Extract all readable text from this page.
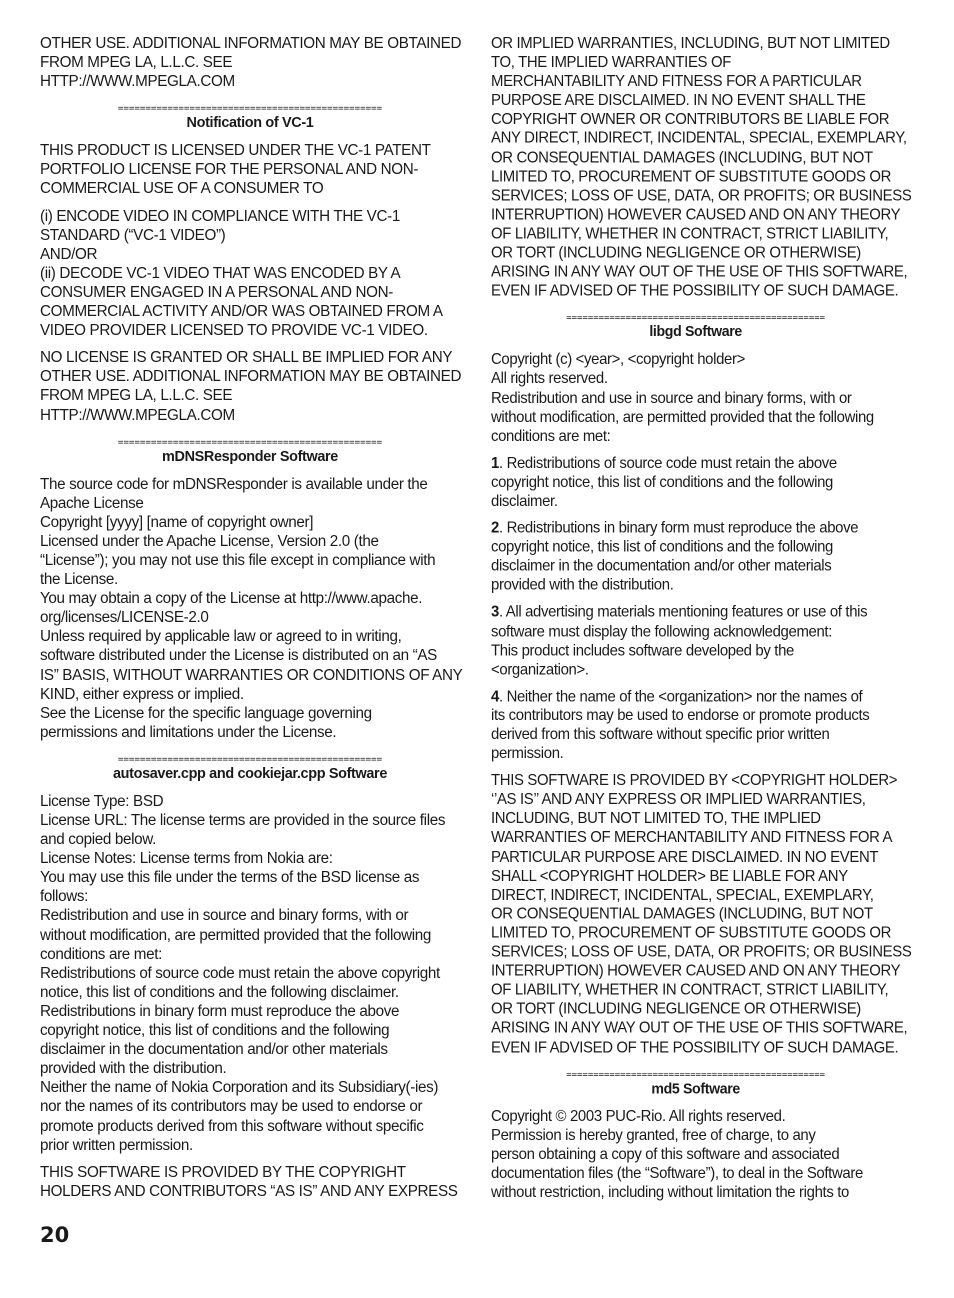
OTHER USE. ADDITIONAL INFORMATION MAY BE OBTAINED
FROM MPEG LA, L.L.C. SEE
HTTP://WWW.MPEGLA.COM
================================================
Notification of VC-1
THIS PRODUCT IS LICENSED UNDER THE VC-1 PATENT
PORTFOLIO LICENSE FOR THE PERSONAL AND NON-
COMMERCIAL USE OF A CONSUMER TO
(i) ENCODE VIDEO IN COMPLIANCE WITH THE VC-1
STANDARD (“VC-1 VIDEO”)
AND/OR
(ii) DECODE VC-1 VIDEO THAT WAS ENCODED BY A
CONSUMER ENGAGED IN A PERSONAL AND NON-
COMMERCIAL ACTIVITY AND/OR WAS OBTAINED FROM A
VIDEO PROVIDER LICENSED TO PROVIDE VC-1 VIDEO.
NO LICENSE IS GRANTED OR SHALL BE IMPLIED FOR ANY
OTHER USE. ADDITIONAL INFORMATION MAY BE OBTAINED
FROM MPEG LA, L.L.C. SEE
HTTP://WWW.MPEGLA.COM
================================================
mDNSResponder Software
The source code for mDNSResponder is available under the
Apache License
Copyright [yyyy] [name of copyright owner]
Licensed under the Apache License, Version 2.0 (the
“License”); you may not use this file except in compliance with
the License.
You may obtain a copy of the License at http://www.apache.
org/licenses/LICENSE-2.0
Unless required by applicable law or agreed to in writing,
software distributed under the License is distributed on an “AS
IS” BASIS, WITHOUT WARRANTIES OR CONDITIONS OF ANY
KIND, either express or implied.
See the License for the specific language governing
permissions and limitations under the License.
================================================
autosaver.cpp and cookiejar.cpp Software
License Type: BSD
License URL: The license terms are provided in the source files
and copied below.
License Notes: License terms from Nokia are:
You may use this file under the terms of the BSD license as
follows:
Redistribution and use in source and binary forms, with or
without modification, are permitted provided that the following
conditions are met:
Redistributions of source code must retain the above copyright
notice, this list of conditions and the following disclaimer.
Redistributions in binary form must reproduce the above
copyright notice, this list of conditions and the following
disclaimer in the documentation and/or other materials
provided with the distribution.
Neither the name of Nokia Corporation and its Subsidiary(-ies)
nor the names of its contributors may be used to endorse or
promote products derived from this software without specific
prior written permission.
THIS SOFTWARE IS PROVIDED BY THE COPYRIGHT
HOLDERS AND CONTRIBUTORS “AS IS” AND ANY EXPRESS
OR IMPLIED WARRANTIES, INCLUDING, BUT NOT LIMITED
TO, THE IMPLIED WARRANTIES OF
MERCHANTABILITY AND FITNESS FOR A PARTICULAR
PURPOSE ARE DISCLAIMED. IN NO EVENT SHALL THE
COPYRIGHT OWNER OR CONTRIBUTORS BE LIABLE FOR
ANY DIRECT, INDIRECT, INCIDENTAL, SPECIAL, EXEMPLARY,
OR CONSEQUENTIAL DAMAGES (INCLUDING, BUT NOT
LIMITED TO, PROCUREMENT OF SUBSTITUTE GOODS OR
SERVICES; LOSS OF USE, DATA, OR PROFITS; OR BUSINESS
INTERRUPTION) HOWEVER CAUSED AND ON ANY THEORY
OF LIABILITY, WHETHER IN CONTRACT, STRICT LIABILITY,
OR TORT (INCLUDING NEGLIGENCE OR OTHERWISE)
ARISING IN ANY WAY OUT OF THE USE OF THIS SOFTWARE,
EVEN IF ADVISED OF THE POSSIBILITY OF SUCH DAMAGE.
================================================
libgd Software
Copyright (c) <year>, <copyright holder>
All rights reserved.
Redistribution and use in source and binary forms, with or
without modification, are permitted provided that the following
conditions are met:
1. Redistributions of source code must retain the above
copyright notice, this list of conditions and the following
disclaimer.
2. Redistributions in binary form must reproduce the above
copyright notice, this list of conditions and the following
disclaimer in the documentation and/or other materials
provided with the distribution.
3. All advertising materials mentioning features or use of this
software must display the following acknowledgement:
This product includes software developed by the
<organization>.
4. Neither the name of the <organization> nor the names of
its contributors may be used to endorse or promote products
derived from this software without specific prior written
permission.
THIS SOFTWARE IS PROVIDED BY <COPYRIGHT HOLDER>
‘’AS IS’’ AND ANY EXPRESS OR IMPLIED WARRANTIES,
INCLUDING, BUT NOT LIMITED TO, THE IMPLIED
WARRANTIES OF MERCHANTABILITY AND FITNESS FOR A
PARTICULAR PURPOSE ARE DISCLAIMED. IN NO EVENT
SHALL <COPYRIGHT HOLDER> BE LIABLE FOR ANY
DIRECT, INDIRECT, INCIDENTAL, SPECIAL, EXEMPLARY,
OR CONSEQUENTIAL DAMAGES (INCLUDING, BUT NOT
LIMITED TO, PROCUREMENT OF SUBSTITUTE GOODS OR
SERVICES; LOSS OF USE, DATA, OR PROFITS; OR BUSINESS
INTERRUPTION) HOWEVER CAUSED AND ON ANY THEORY
OF LIABILITY, WHETHER IN CONTRACT, STRICT LIABILITY,
OR TORT (INCLUDING NEGLIGENCE OR OTHERWISE)
ARISING IN ANY WAY OUT OF THE USE OF THIS SOFTWARE,
EVEN IF ADVISED OF THE POSSIBILITY OF SUCH DAMAGE.
================================================
md5 Software
Copyright © 2003 PUC-Rio. All rights reserved.
Permission is hereby granted, free of charge, to any
person obtaining a copy of this software and associated
documentation files (the “Software”), to deal in the Software
without restriction, including without limitation the rights to
20
